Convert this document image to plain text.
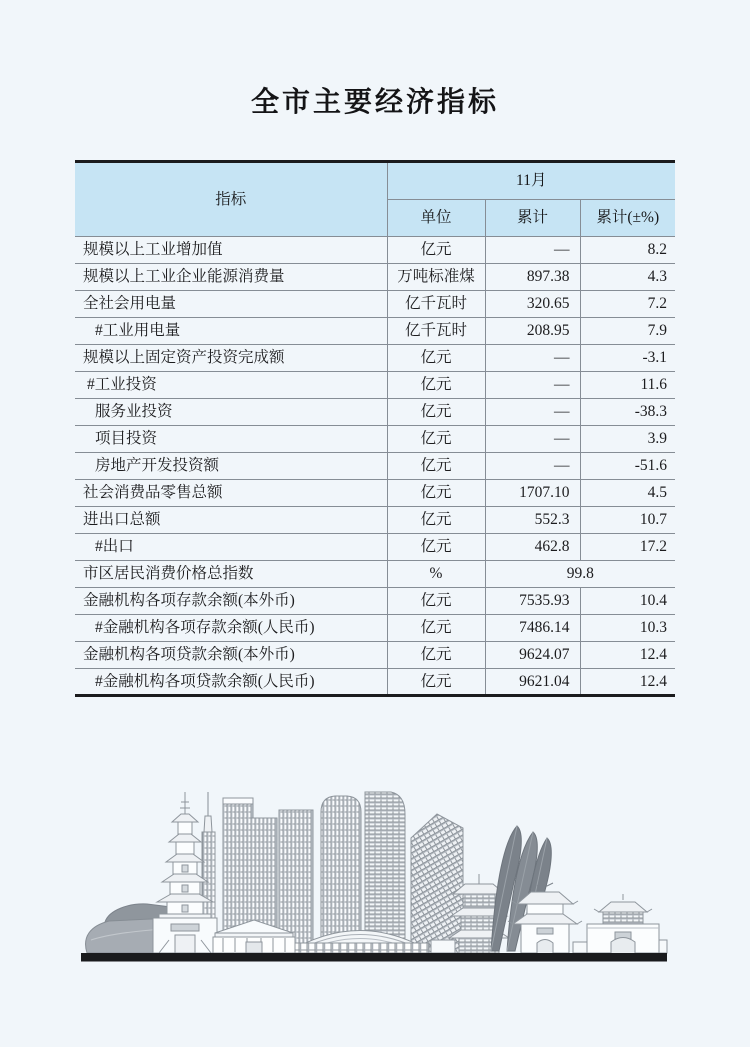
全市主要经济指标
指标	11月		
	单位	累计	累计(±%)
规模以上工业增加值	亿元	—	8.2
规模以上工业企业能源消费量	万吨标准煤	897.38	4.3
全社会用电量	亿千瓦时	320.65	7.2
#工业用电量	亿千瓦时	208.95	7.9
规模以上固定资产投资完成额	亿元	—	-3.1
#工业投资	亿元	—	11.6
服务业投资	亿元	—	-38.3
项目投资	亿元	—	3.9
房地产开发投资额	亿元	—	-51.6
社会消费品零售总额	亿元	1707.10	4.5
进出口总额	亿元	552.3	10.7
#出口	亿元	462.8	17.2
市区居民消费价格总指数	%	99.8	
金融机构各项存款余额(本外币)	亿元	7535.93	10.4
#金融机构各项存款余额(人民币)	亿元	7486.14	10.3
金融机构各项贷款余额(本外币)	亿元	9624.07	12.4
#金融机构各项贷款余额(人民币)	亿元	9621.04	12.4
